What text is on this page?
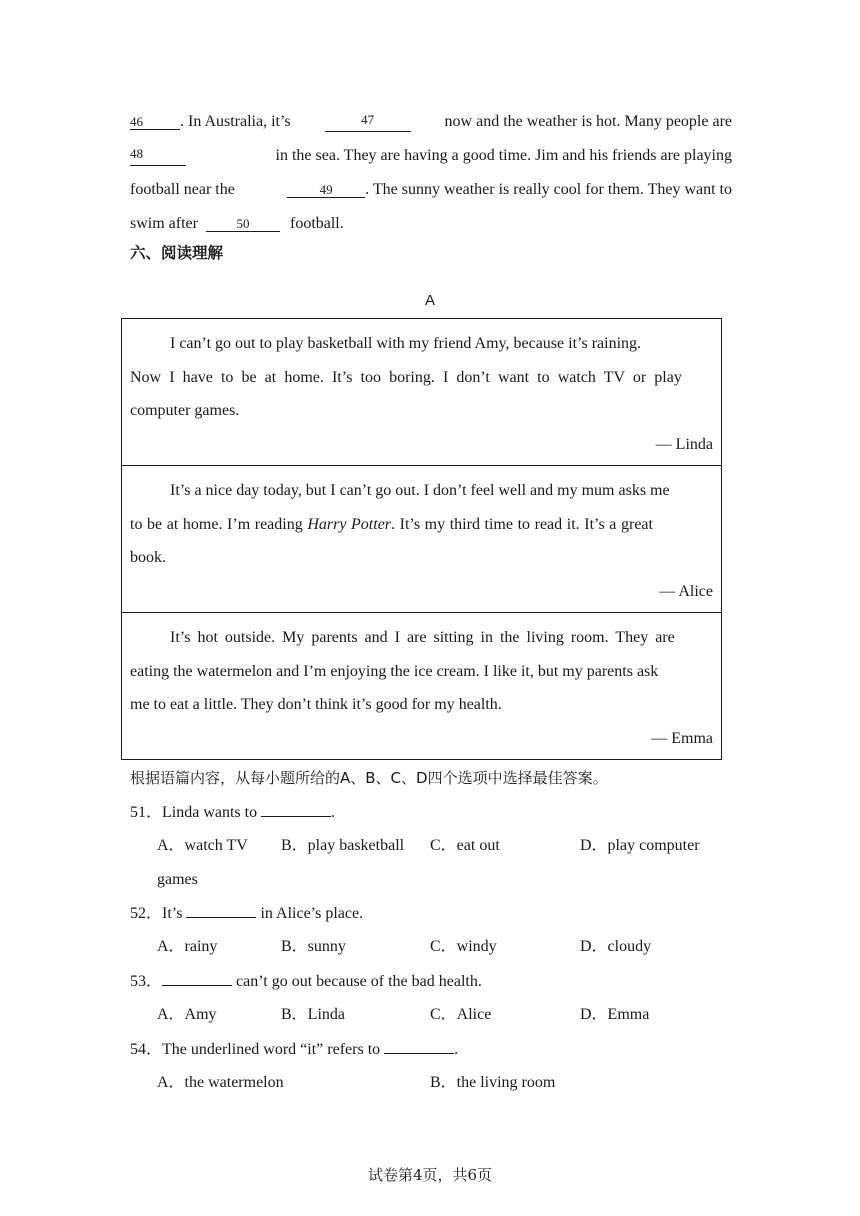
46 . In Australia, it’s	47	now and the weather is hot. Many people are
48	in the sea. They are having a good time. Jim and his friends are playing
football near the	49 . The sunny weather is really cool for them. They want to
swim after	50	football.
六、阅读理解
A
I can’t go out to play basketball with my friend Amy, because it’s raining.
Now I have to be at home. It’s too boring. I don’t want to watch TV or play
computer games.
— Linda
It’s a nice day today, but I can’t go out. I don’t feel well and my mum asks me
to be at home. I’m reading Harry Potter. It’s my third time to read it. It’s a great
book.
— Alice
It’s hot outside. My parents and I are sitting in the living room. They are
eating the watermelon and I’m enjoying the ice cream. I like it, but my parents ask
me to eat a little. They don’t think it’s good for my health.
— Emma
根据语篇内容，从每小题所给的A、B、C、D四个选项中选择最佳答案。
51．Linda wants to	.
A．watch TV B．play basketball C．eat out	D．play computer
games
52．It’s	in Alice’s place.
A．rainy	B．sunny	C．windy	D．cloudy
53．	can’t go out because of the bad health.
A．Amy	B．Linda	C．Alice	D．Emma
54．The underlined word “it” refers to	.
A．the watermelon	B．the living room
试卷第4页，共6页
